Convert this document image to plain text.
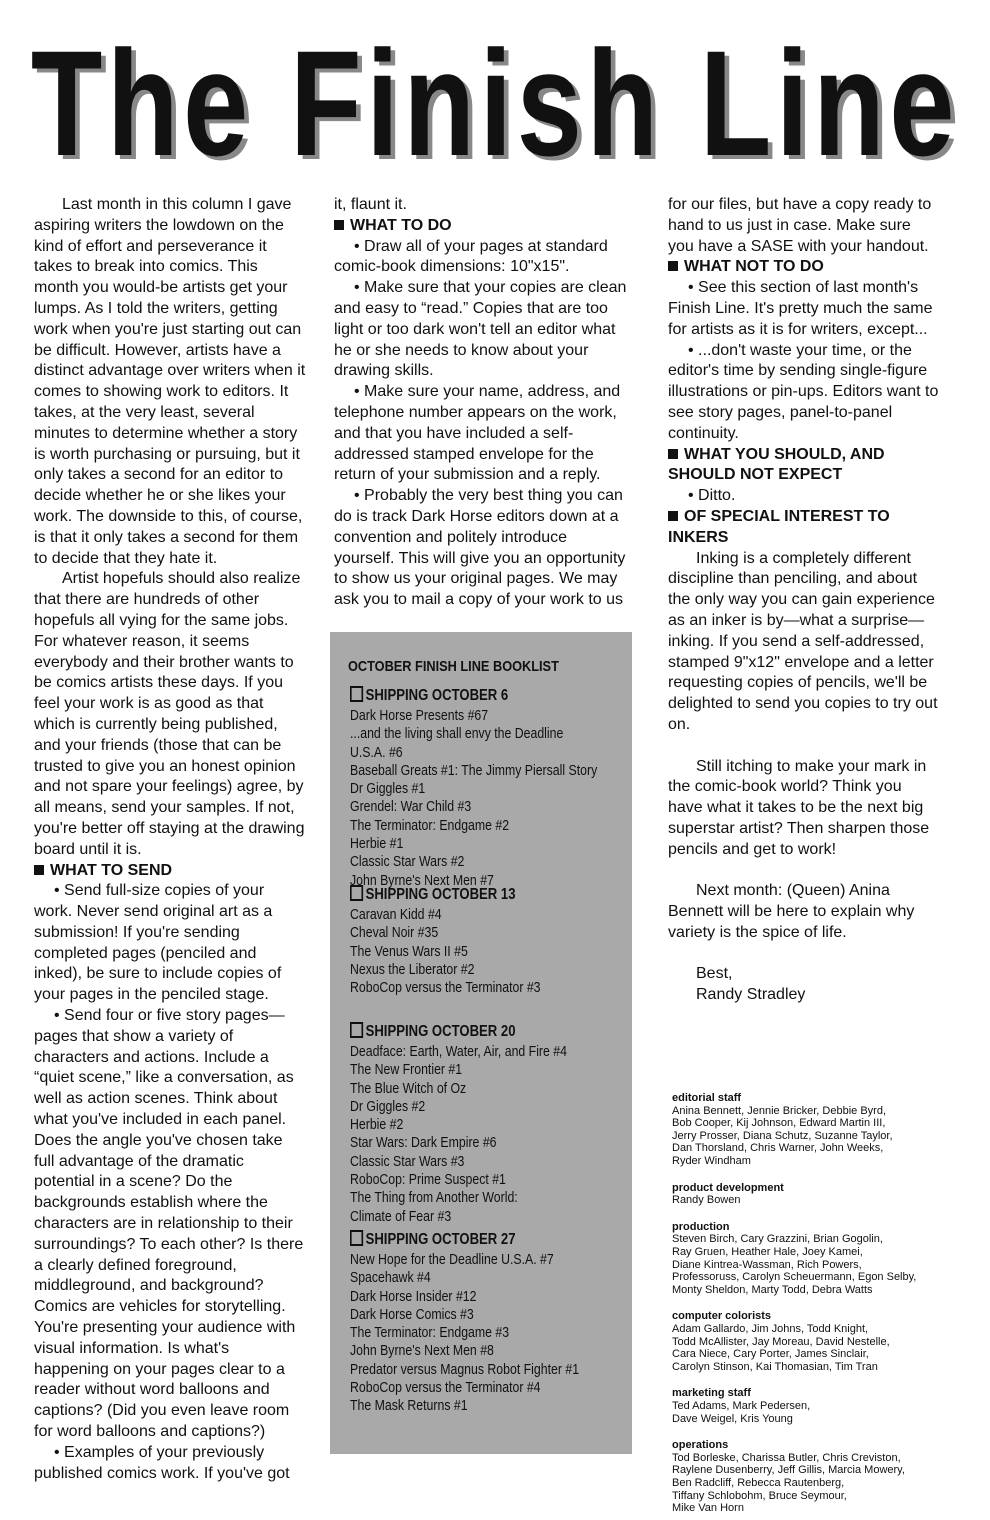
The Finish Line

Last month in this column I gave aspiring writers the lowdown on the kind of effort and perseverance it takes to break into comics. This month you would-be artists get your lumps. As I told the writers, getting work when you're just starting out can be difficult. However, artists have a distinct advantage over writers when it comes to showing work to editors. It takes, at the very least, several minutes to determine whether a story is worth purchasing or pursuing, but it only takes a second for an editor to decide whether he or she likes your work. The downside to this, of course, is that it only takes a second for them to decide that they hate it.

Artist hopefuls should also realize that there are hundreds of other hopefuls all vying for the same jobs. For whatever reason, it seems everybody and their brother wants to be comics artists these days. If you feel your work is as good as that which is currently being published, and your friends (those that can be trusted to give you an honest opinion and not spare your feelings) agree, by all means, send your samples. If not, you're better off staying at the drawing board until it is.

WHAT TO SEND

• Send full-size copies of your work. Never send original art as a submission! If you're sending completed pages (penciled and inked), be sure to include copies of your pages in the penciled stage.

• Send four or five story pages—pages that show a variety of characters and actions. Include a “quiet scene,” like a conversation, as well as action scenes. Think about what you've included in each panel. Does the angle you've chosen take full advantage of the dramatic potential in a scene? Do the backgrounds establish where the characters are in relationship to their surroundings? To each other? Is there a clearly defined foreground, middleground, and background? Comics are vehicles for storytelling. You're presenting your audience with visual information. Is what's happening on your pages clear to a reader without word balloons and captions? (Did you even leave room for word balloons and captions?)

• Examples of your previously published comics work. If you've got

it, flaunt it.

WHAT TO DO

• Draw all of your pages at standard comic-book dimensions: 10"x15".

• Make sure that your copies are clean and easy to “read.” Copies that are too light or too dark won't tell an editor what he or she needs to know about your drawing skills.

• Make sure your name, address, and telephone number appears on the work, and that you have included a self-addressed stamped envelope for the return of your submission and a reply.

• Probably the very best thing you can do is track Dark Horse editors down at a convention and politely introduce yourself. This will give you an opportunity to show us your original pages. We may ask you to mail a copy of your work to us

for our files, but have a copy ready to hand to us just in case. Make sure you have a SASE with your handout.

WHAT NOT TO DO

• See this section of last month's Finish Line. It's pretty much the same for artists as it is for writers, except...

• ...don't waste your time, or the editor's time by sending single-figure illustrations or pin-ups. Editors want to see story pages, panel-to-panel continuity.

WHAT YOU SHOULD, AND SHOULD NOT EXPECT

• Ditto.

OF SPECIAL INTEREST TO INKERS

Inking is a completely different discipline than penciling, and about the only way you can gain experience as an inker is by—what a surprise—inking. If you send a self-addressed, stamped 9"x12" envelope and a letter requesting copies of pencils, we'll be delighted to send you copies to try out on.

Still itching to make your mark in the comic-book world? Think you have what it takes to be the next big superstar artist? Then sharpen those pencils and get to work!

Next month: (Queen) Anina Bennett will be here to explain why variety is the spice of life.

Best,

Randy Stradley

OCTOBER FINISH LINE BOOKLIST
SHIPPING OCTOBER 6
Dark Horse Presents #67
...and the living shall envy the Deadline
U.S.A. #6
Baseball Greats #1: The Jimmy Piersall Story
Dr Giggles #1
Grendel: War Child #3
The Terminator: Endgame #2
Herbie #1
Classic Star Wars #2
John Byrne's Next Men #7
SHIPPING OCTOBER 13
Caravan Kidd #4
Cheval Noir #35
The Venus Wars II #5
Nexus the Liberator #2
RoboCop versus the Terminator #3
SHIPPING OCTOBER 20
Deadface: Earth, Water, Air, and Fire #4
The New Frontier #1
The Blue Witch of Oz
Dr Giggles #2
Herbie #2
Star Wars: Dark Empire #6
Classic Star Wars #3
RoboCop: Prime Suspect #1
The Thing from Another World:
Climate of Fear #3
SHIPPING OCTOBER 27
New Hope for the Deadline U.S.A. #7
Spacehawk #4
Dark Horse Insider #12
Dark Horse Comics #3
The Terminator: Endgame #3
John Byrne's Next Men #8
Predator versus Magnus Robot Fighter #1
RoboCop versus the Terminator #4
The Mask Returns #1
editorial staff
Anina Bennett, Jennie Bricker, Debbie Byrd,
Bob Cooper, Kij Johnson, Edward Martin III,
Jerry Prosser, Diana Schutz, Suzanne Taylor,
Dan Thorsland, Chris Warner, John Weeks,
Ryder Windham
product development
Randy Bowen
production
Steven Birch, Cary Grazzini, Brian Gogolin,
Ray Gruen, Heather Hale, Joey Kamei,
Diane Kintrea-Wassman, Rich Powers,
Professoruss, Carolyn Scheuermann, Egon Selby,
Monty Sheldon, Marty Todd, Debra Watts
computer colorists
Adam Gallardo, Jim Johns, Todd Knight,
Todd McAllister, Jay Moreau, David Nestelle,
Cara Niece, Cary Porter, James Sinclair,
Carolyn Stinson, Kai Thomasian, Tim Tran
marketing staff
Ted Adams, Mark Pedersen,
Dave Weigel, Kris Young
operations
Tod Borleske, Charissa Butler, Chris Creviston,
Raylene Dusenberry, Jeff Gillis, Marcia Mowery,
Ben Radcliff, Rebecca Rautenberg,
Tiffany Schlobohm, Bruce Seymour,
Mike Van Horn
